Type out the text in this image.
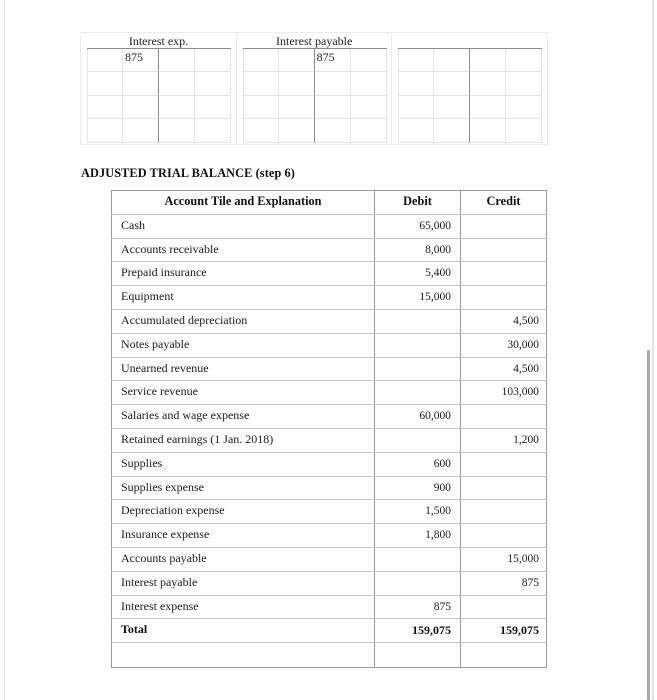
Interest exp.
875
Interest payable
875
ADJUSTED TRIAL BALANCE (step 6)
Account Tile and Explanation	Debit	Credit
Cash	65,000	
Accounts receivable	8,000	
Prepaid insurance	5,400	
Equipment	15,000	
Accumulated depreciation		4,500
Notes payable		30,000
Unearned revenue		4,500
Service revenue		103,000
Salaries and wage expense	60,000	
Retained earnings (1 Jan. 2018)		1,200
Supplies	600	
Supplies expense	900	
Depreciation expense	1,500	
Insurance expense	1,800	
Accounts payable		15,000
Interest payable		875
Interest expense	875	
Total	159,075	159,075
